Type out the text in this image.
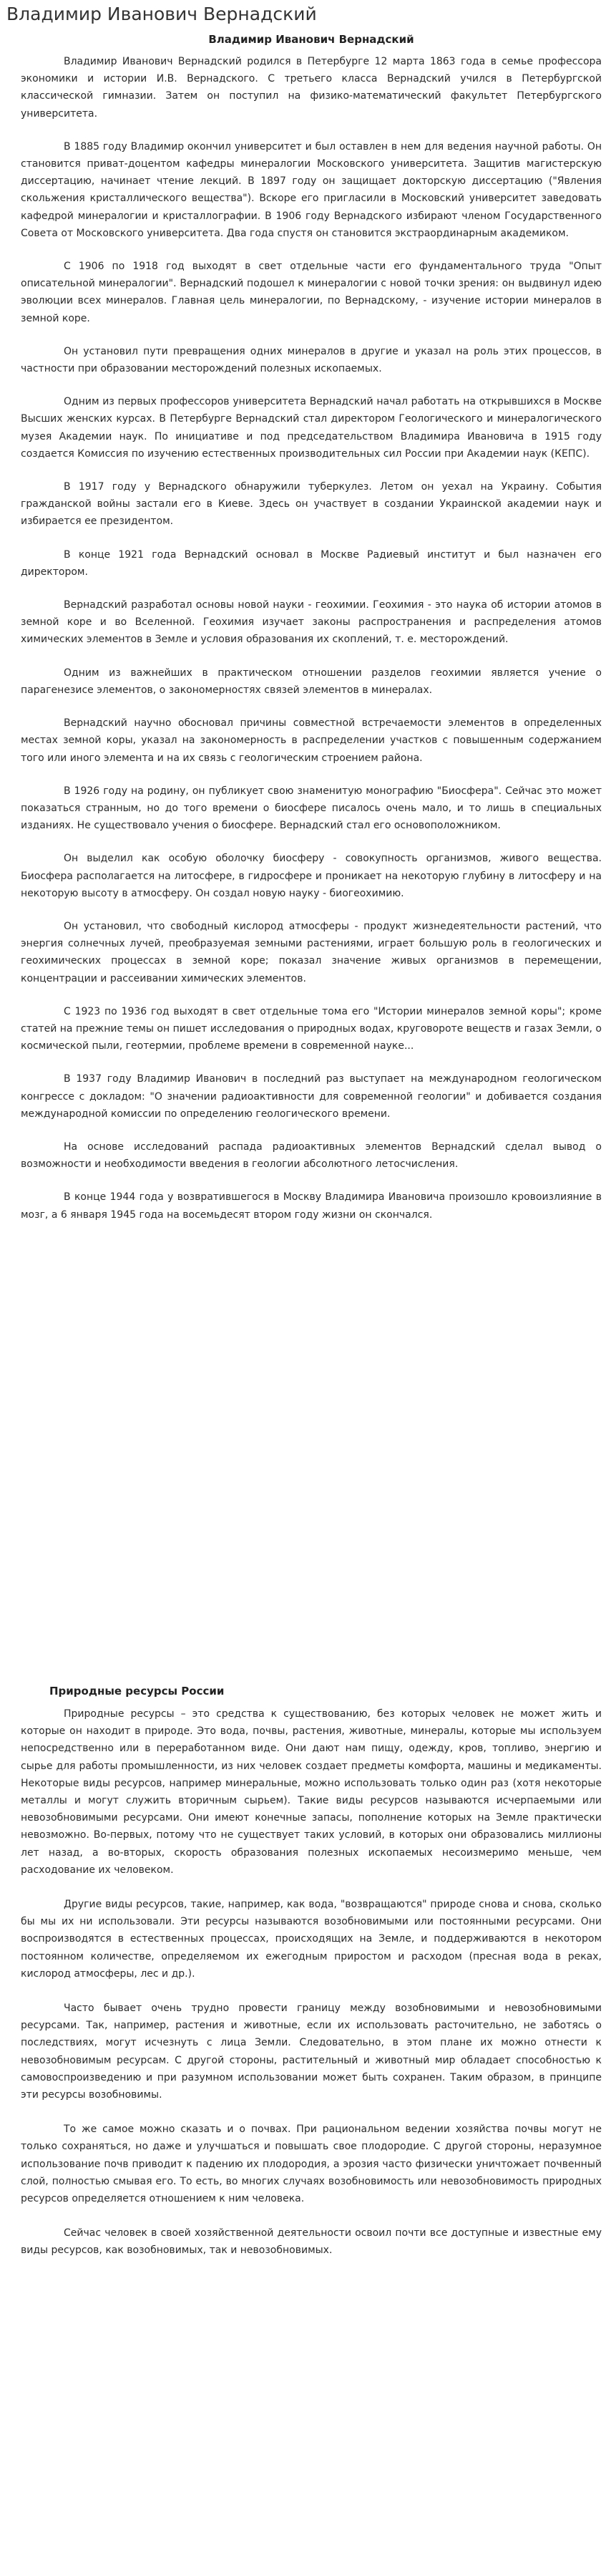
Владимир Иванович Вернадский
Владимир Иванович Вернадский

Владимир Иванович Вернадский родился в Петербурге 12 марта 1863 года в семье профессора экономики и истории И.В. Вернадского. С третьего класса Вернадский учился в Петербургской классической гимназии. Затем он поступил на физико-математический факультет Петербургского университета.

В 1885 году Владимир окончил университет и был оставлен в нем для ведения научной работы. Он становится приват-доцентом кафедры минералогии Московского университета. Защитив магистерскую диссертацию, начинает чтение лекций. В 1897 году он защищает докторскую диссертацию ("Явления скольжения кристаллического вещества"). Вскоре его пригласили в Московский университет заведовать кафедрой минералогии и кристаллографии. В 1906 году Вернадского избирают членом Государственного Совета от Московского университета. Два года спустя он становится экстраординарным академиком.

С 1906 по 1918 год выходят в свет отдельные части его фундаментального труда "Опыт описательной минералогии". Вернадский подошел к минералогии с новой точки зрения: он выдвинул идею эволюции всех минералов. Главная цель минералогии, по Вернадскому, - изучение истории минералов в земной коре.

Он установил пути превращения одних минералов в другие и указал на роль этих процессов, в частности при образовании месторождений полезных ископаемых.

Одним из первых профессоров университета Вернадский начал работать на открывшихся в Москве Высших женских курсах. В Петербурге Вернадский стал директором Геологического и минералогического музея Академии наук. По инициативе и под председательством Владимира Ивановича в 1915 году создается Комиссия по изучению естественных производительных сил России при Академии наук (КЕПС).

В 1917 году у Вернадского обнаружили туберкулез. Летом он уехал на Украину. События гражданской войны застали его в Киеве. Здесь он участвует в создании Украинской академии наук и избирается ее президентом.

В конце 1921 года Вернадский основал в Москве Радиевый институт и был назначен его директором.

Вернадский разработал основы новой науки - геохимии. Геохимия - это наука об истории атомов в земной коре и во Вселенной. Геохимия изучает законы распространения и распределения атомов химических элементов в Земле и условия образования их скоплений, т. е. месторождений.

Одним из важнейших в практическом отношении разделов геохимии является учение о парагенезисе элементов, о закономерностях связей элементов в минералах.

Вернадский научно обосновал причины совместной встречаемости элементов в определенных местах земной коры, указал на закономерность в распределении участков с повышенным содержанием того или иного элемента и на их связь с геологическим строением района.

В 1926 году на родину, он публикует свою знаменитую монографию "Биосфера". Сейчас это может показаться странным, но до того времени о биосфере писалось очень мало, и то лишь в специальных изданиях. Не существовало учения о биосфере. Вернадский стал его основоположником.

Он выделил как особую оболочку биосферу - совокупность организмов, живого вещества. Биосфера располагается на литосфере, в гидросфере и проникает на некоторую глубину в литосферу и на некоторую высоту в атмосферу. Он создал новую науку - биогеохимию.

Он установил, что свободный кислород атмосферы - продукт жизнедеятельности растений, что энергия солнечных лучей, преобразуемая земными растениями, играет большую роль в геологических и геохимических процессах в земной коре; показал значение живых организмов в перемещении, концентрации и рассеивании химических элементов.

С 1923 по 1936 год выходят в свет отдельные тома его "Истории минералов земной коры"; кроме статей на прежние темы он пишет исследования о природных водах, круговороте веществ и газах Земли, о космической пыли, геотермии, проблеме времени в современной науке...

В 1937 году Владимир Иванович в последний раз выступает на международном геологическом конгрессе с докладом: "О значении радиоактивности для современной геологии" и добивается создания международной комиссии по определению геологического времени.

На основе исследований распада радиоактивных элементов Вернадский сделал вывод о возможности и необходимости введения в геологии абсолютного летосчисления.

В конце 1944 года у возвратившегося в Москву Владимира Ивановича произошло кровоизлияние в мозг, а 6 января 1945 года на восемьдесят втором году жизни он скончался.

Природные ресурсы России

Природные ресурсы – это средства к существованию, без которых человек не может жить и которые он находит в природе. Это вода, почвы, растения, животные, минералы, которые мы используем непосредственно или в переработанном виде. Они дают нам пищу, одежду, кров, топливо, энергию и сырье для работы промышленности, из них человек создает предметы комфорта, машины и медикаменты. Некоторые виды ресурсов, например минеральные, можно использовать только один раз (хотя некоторые металлы и могут служить вторичным сырьем). Такие виды ресурсов называются исчерпаемыми или невозобновимыми ресурсами. Они имеют конечные запасы, пополнение которых на Земле практически невозможно. Во-первых, потому что не существует таких условий, в которых они образовались миллионы лет назад, а во-вторых, скорость образования полезных ископаемых несоизмеримо меньше, чем расходование их человеком.

Другие виды ресурсов, такие, например, как вода, "возвращаются" природе снова и снова, сколько бы мы их ни использовали. Эти ресурсы называются возобновимыми или постоянными ресурсами. Они воспроизводятся в естественных процессах, происходящих на Земле, и поддерживаются в некотором постоянном количестве, определяемом их ежегодным приростом и расходом (пресная вода в реках, кислород атмосферы, лес и др.).

Часто бывает очень трудно провести границу между возобновимыми и невозобновимыми ресурсами. Так, например, растения и животные, если их использовать расточительно, не заботясь о последствиях, могут исчезнуть с лица Земли. Следовательно, в этом плане их можно отнести к невозобновимым ресурсам. С другой стороны, растительный и животный мир обладает способностью к самовоспроизведению и при разумном использовании может быть сохранен. Таким образом, в принципе эти ресурсы возобновимы.

То же самое можно сказать и о почвах. При рациональном ведении хозяйства почвы могут не только сохраняться, но даже и улучшаться и повышать свое плодородие. С другой стороны, неразумное использование почв приводит к падению их плодородия, а эрозия часто физически уничтожает почвенный слой, полностью смывая его. То есть, во многих случаях возобновимость или невозобновимость природных ресурсов определяется отношением к ним человека.

Сейчас человек в своей хозяйственной деятельности освоил почти все доступные и известные ему виды ресурсов, как возобновимых, так и невозобновимых.
